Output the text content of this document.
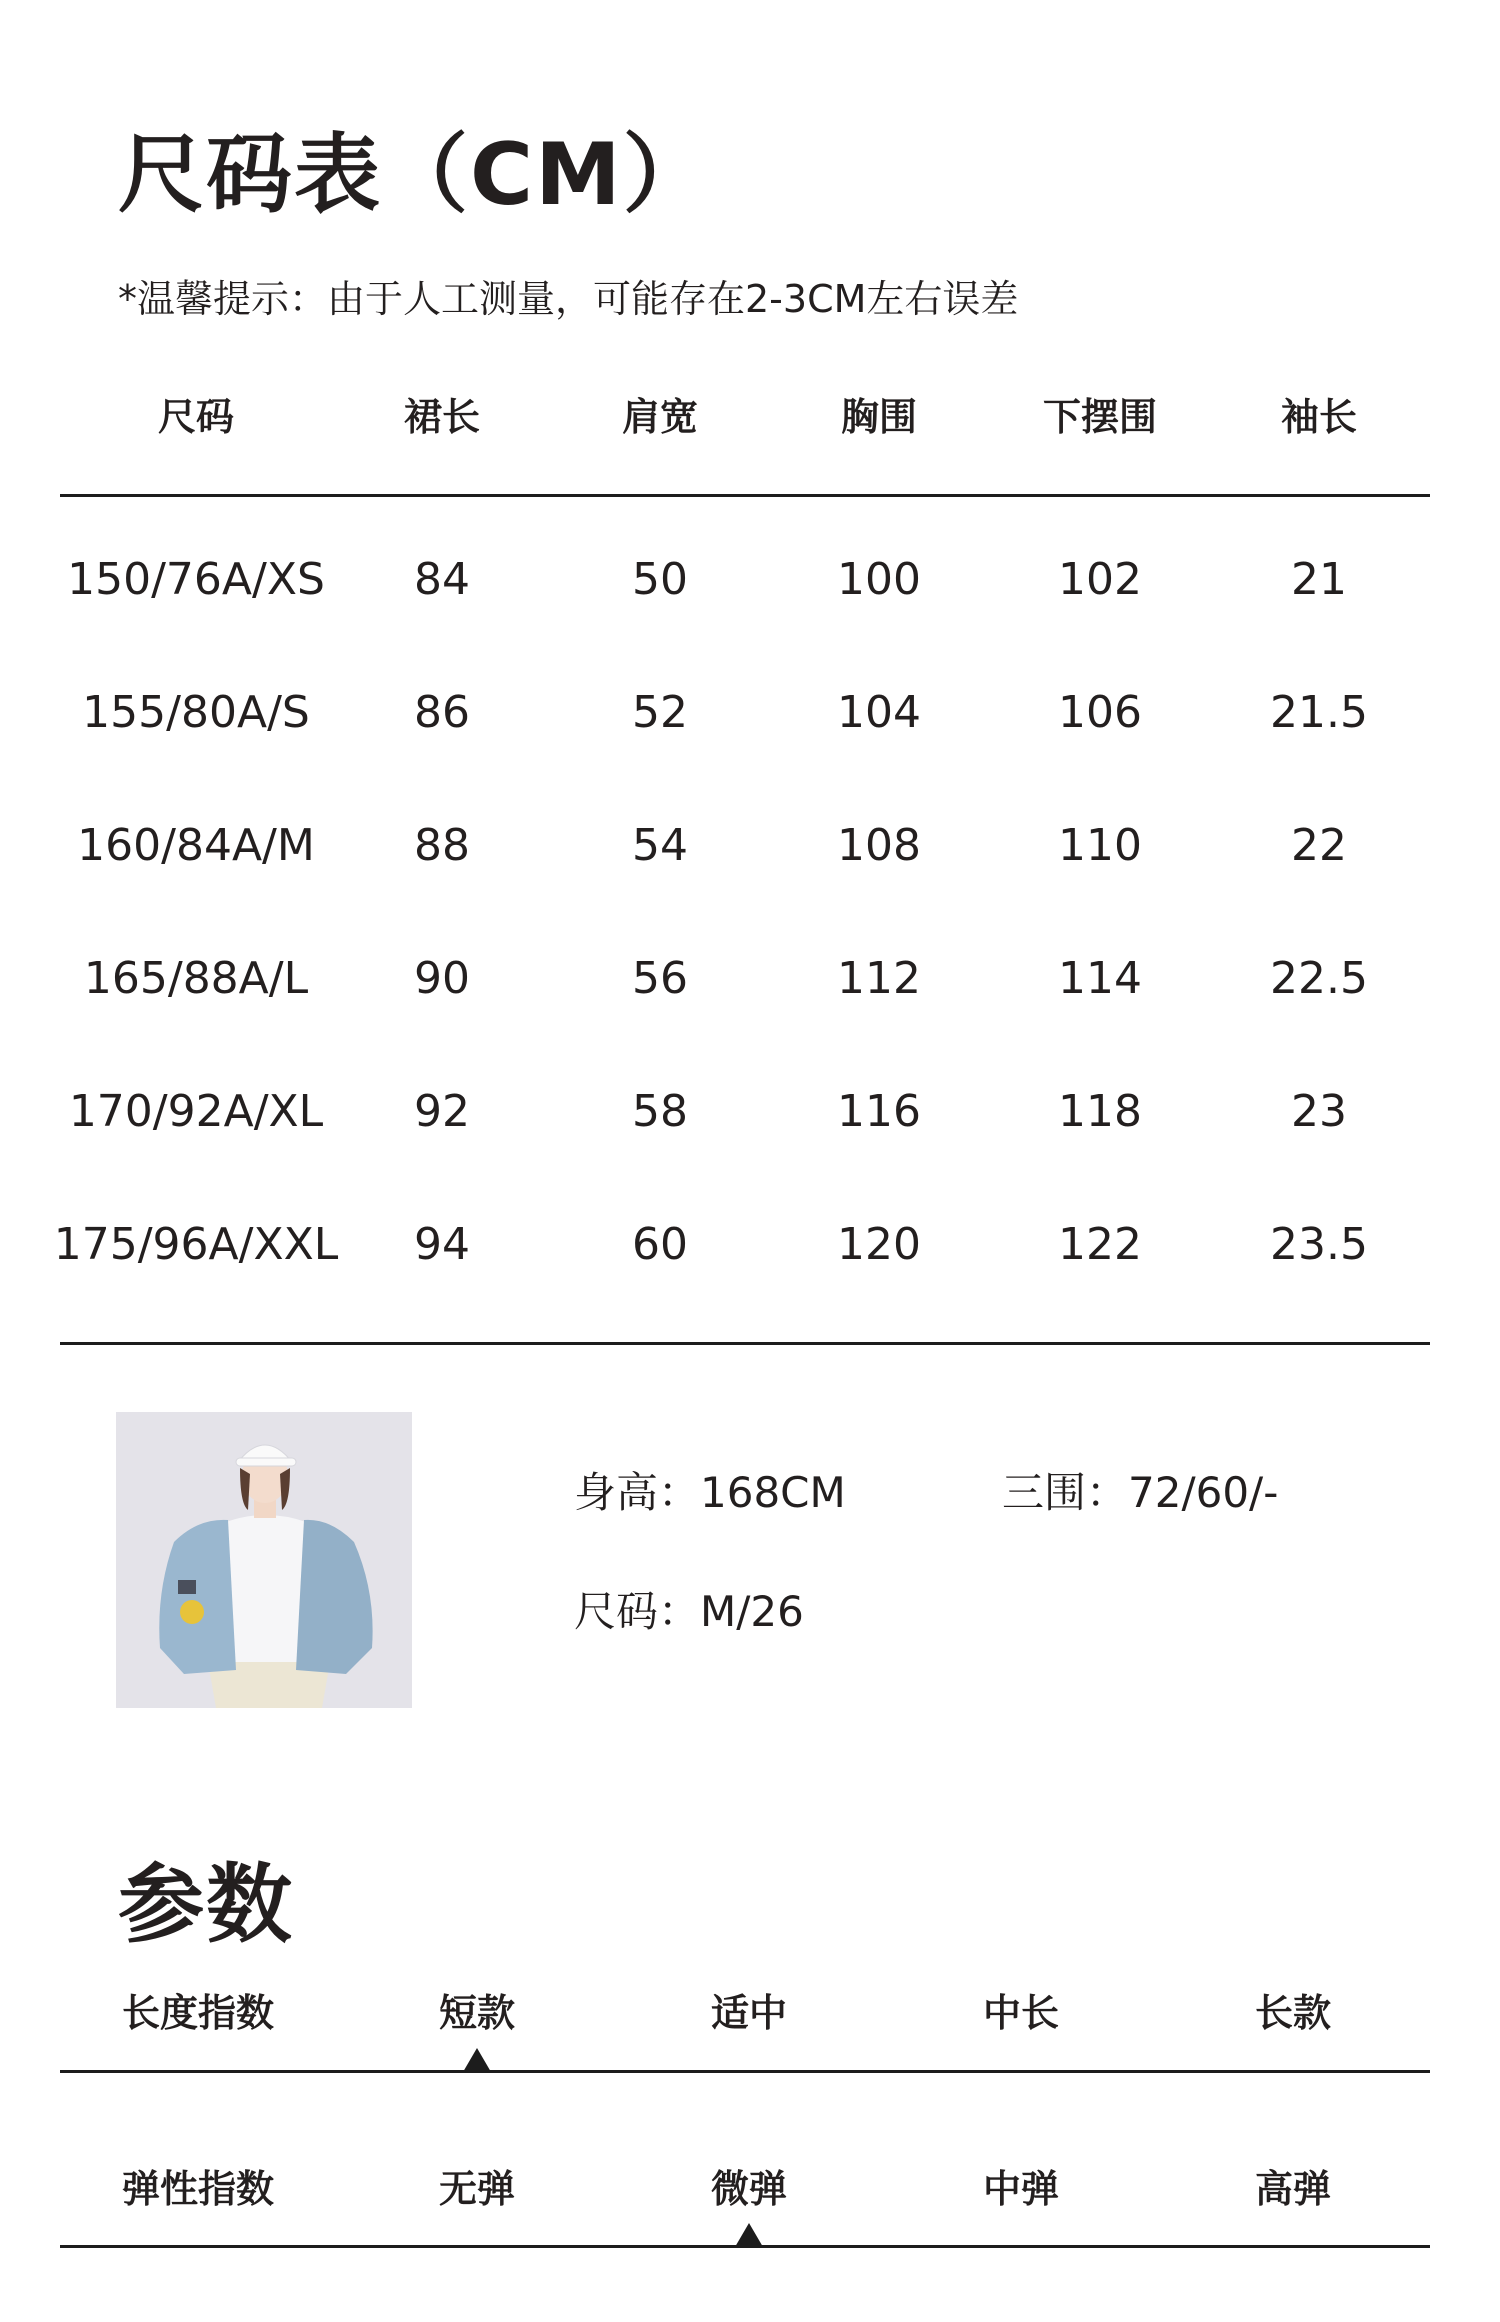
尺码表（CM）
*温馨提示：由于人工测量，可能存在2-3CM左右误差
尺码	裙长	肩宽	胸围	下摆围	袖长
150/76A/XS 84	50	100	102	21
155/80A/S 86	52	104	106	21.5
160/84A/M 88	54	108	110	22
165/88A/L 90	56	112	114	22.5
170/92A/XL 92	58	116	118	23
175/96A/XXL 94	60	120	122	23.5
身高：168CM	三围：72/60/-
尺码：M/26
参数
长度指数	短款	适中	中长	长款
弹性指数	无弹	微弹	中弹	高弹
